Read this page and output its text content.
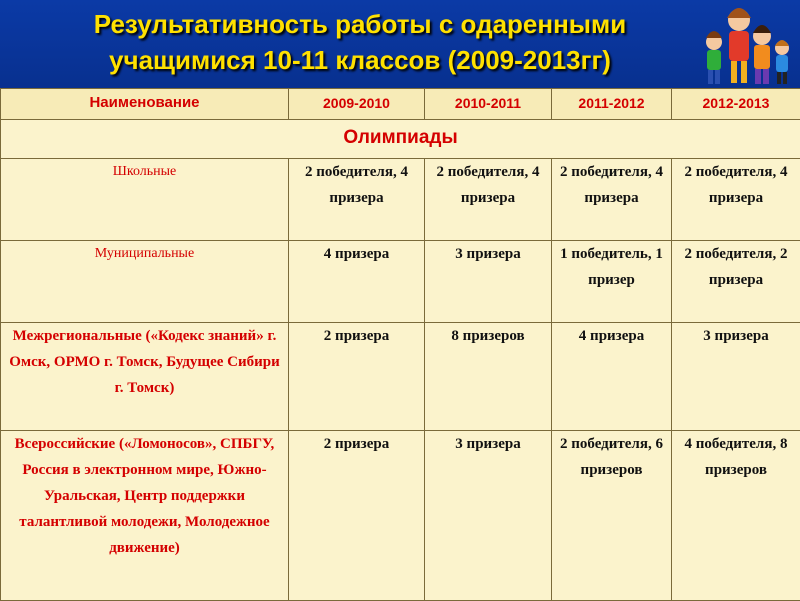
Результативность работы с одаренными
учащимися 10-11 классов (2009-2013гг)
Наименование	2009-2010	2010-2011	2011-2012	2012-2013
Олимпиады				
Школьные	2 победителя, 4 призера	2 победителя, 4 призера	2 победителя, 4 призера	2 победителя, 4 призера
Муниципальные	4 призера	3 призера	1 победитель, 1 призер	2 победителя, 2 призера
Межрегиональные («Кодекс знаний» г. Омск, ОРМО г. Томск, Будущее Сибири г. Томск)	2 призера	8 призеров	4 призера	3 призера
Всероссийские («Ломоносов», СПБГУ, Россия в электронном мире, Южно-Уральская, Центр поддержки талантливой молодежи, Молодежное движение)	2 призера	3 призера	2 победителя, 6 призеров	4 победителя, 8 призеров
